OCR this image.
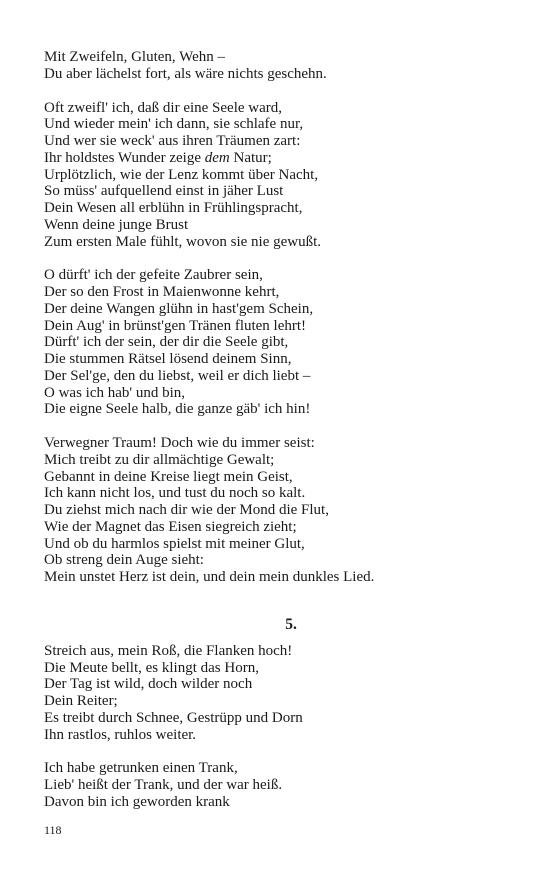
Mit Zweifeln, Gluten, Wehn –
Du aber lächelst fort, als wäre nichts geschehn.
Oft zweifl' ich, daß dir eine Seele ward,
Und wieder mein' ich dann, sie schlafe nur,
Und wer sie weck' aus ihren Träumen zart:
Ihr holdstes Wunder zeige dem Natur;
Urplötzlich, wie der Lenz kommt über Nacht,
So müss' aufquellend einst in jäher Lust
Dein Wesen all erblühn in Frühlingspracht,
Wenn deine junge Brust
Zum ersten Male fühlt, wovon sie nie gewußt.
O dürft' ich der gefeite Zaubrer sein,
Der so den Frost in Maienwonne kehrt,
Der deine Wangen glühn in hast'gem Schein,
Dein Aug' in brünst'gen Tränen fluten lehrt!
Dürft' ich der sein, der dir die Seele gibt,
Die stummen Rätsel lösend deinem Sinn,
Der Sel'ge, den du liebst, weil er dich liebt –
O was ich hab' und bin,
Die eigne Seele halb, die ganze gäb' ich hin!
Verwegner Traum! Doch wie du immer seist:
Mich treibt zu dir allmächtige Gewalt;
Gebannt in deine Kreise liegt mein Geist,
Ich kann nicht los, und tust du noch so kalt.
Du ziehst mich nach dir wie der Mond die Flut,
Wie der Magnet das Eisen siegreich zieht;
Und ob du harmlos spielst mit meiner Glut,
Ob streng dein Auge sieht:
Mein unstet Herz ist dein, und dein mein dunkles Lied.
5.
Streich aus, mein Roß, die Flanken hoch!
Die Meute bellt, es klingt das Horn,
Der Tag ist wild, doch wilder noch
Dein Reiter;
Es treibt durch Schnee, Gestrüpp und Dorn
Ihn rastlos, ruhlos weiter.
Ich habe getrunken einen Trank,
Lieb' heißt der Trank, und der war heiß.
Davon bin ich geworden krank
118
